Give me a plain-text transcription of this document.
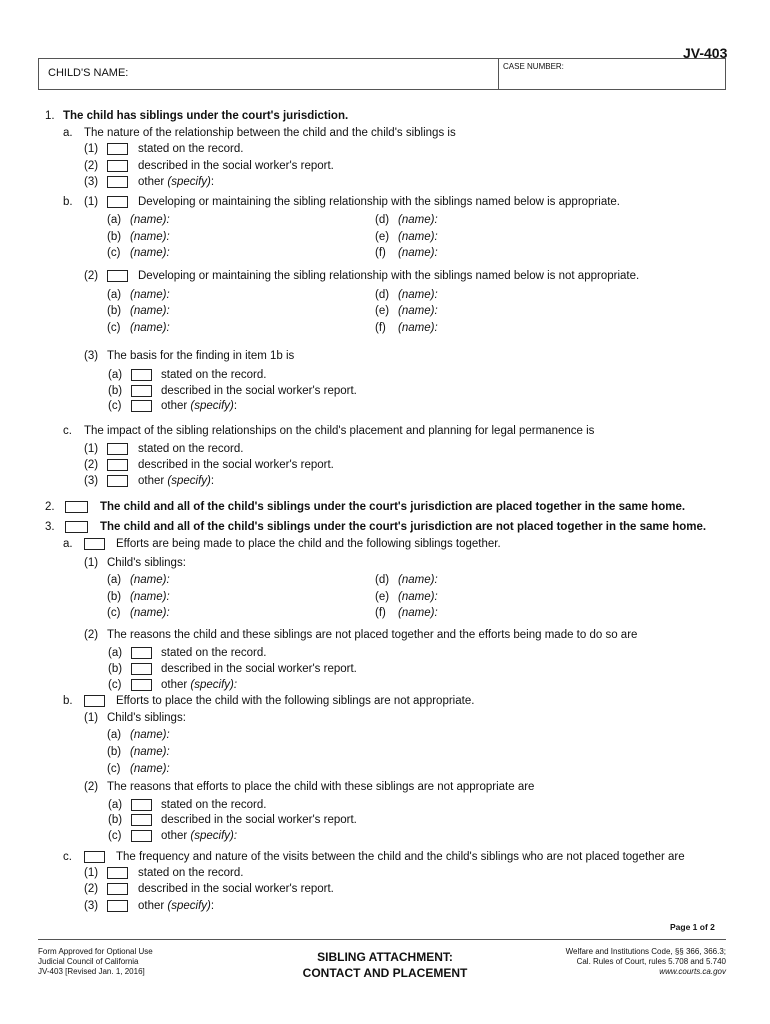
JV-403
CHILD'S NAME:
CASE NUMBER:
1. The child has siblings under the court's jurisdiction.
a. The nature of the relationship between the child and the child's siblings is
(1)	stated on the record.
(2)	described in the social worker's report.
(3)	other (specify):
b. (1)	Developing or maintaining the sibling relationship with the siblings named below is appropriate.
(a) (name):	(d) (name):
(b) (name):	(e) (name):
(c) (name):	(f) (name):
(2)	Developing or maintaining the sibling relationship with the siblings named below is not appropriate.
(a) (name):	(d) (name):
(b) (name):	(e) (name):
(c) (name):	(f) (name):
(3) The basis for the finding in item 1b is
(a)	stated on the record.
(b)	described in the social worker's report.
(c)	other (specify):
c. The impact of the sibling relationships on the child's placement and planning for legal permanence is
(1)	stated on the record.
(2)	described in the social worker's report.
(3)	other (specify):
2.	The child and all of the child's siblings under the court's jurisdiction are placed together in the same home.
3.	The child and all of the child's siblings under the court's jurisdiction are not placed together in the same home.
a.	Efforts are being made to place the child and the following siblings together.
(1) Child's siblings:
(a) (name):	(d) (name):
(b) (name):	(e) (name):
(c) (name):	(f) (name):
(2) The reasons the child and these siblings are not placed together and the efforts being made to do so are
(a)	stated on the record.
(b)	described in the social worker's report.
(c)	other (specify):
b.	Efforts to place the child with the following siblings are not appropriate.
(1) Child's siblings:
(a) (name):
(b) (name):
(c) (name):
(2) The reasons that efforts to place the child with these siblings are not appropriate are
(a)	stated on the record.
(b)	described in the social worker's report.
(c)	other (specify):
c.	The frequency and nature of the visits between the child and the child's siblings who are not placed together are
(1)	stated on the record.
(2)	described in the social worker's report.
(3)	other (specify):
Page 1 of 2
Form Approved for Optional Use
Judicial Council of California
JV-403 [Revised Jan. 1, 2016]
SIBLING ATTACHMENT:
CONTACT AND PLACEMENT
Welfare and Institutions Code, §§ 366, 366.3;
Cal. Rules of Court, rules 5.708 and 5.740
www.courts.ca.gov
